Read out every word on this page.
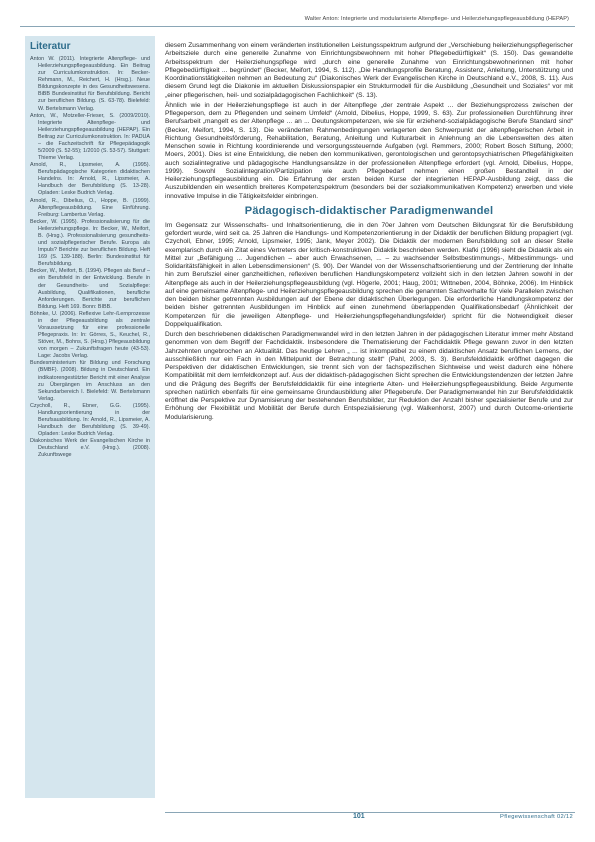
Walter Anton: Integrierte und modularisierte Altenpflege- und Heilerziehungspflegeausbildung (HEPAP)
Literatur

Anton W. (2011). Integrierte Altenpflege- und Heilerziehungspflegeausbildung. Ein Beitrag zur Curriculumkonstruktion. In: Becker-Rehmann, M., Reichert, H. (Hrsg.). Neue Bildungskonzepte in des Gesundheitswesens. BiBB Bundesinstitut für Berufsbildung. Bericht zur beruflichen Bildung. (S. 63-78). Bielefeld: W. Bertelsmann Verlag.

Anton, W., Motzeller-Frieser, S. (2009/2010). Integrierte Altenpflege- und Heilerziehungspflegeausbildung (HEPAP). Ein Beitrag zur Curriculumkonstruktion. In: PADUA – die Fachzeitschrift für Pflegepädagogik 5/2009 (S. 52-55); 1/2010 (S. 53-57). Stuttgart: Thieme Verlag.

Arnold, R., Lipsmeier, A. (1995). Berufspädagogische Kategorien didaktischen Handelns. In: Arnold, R., Lipsmeier, A. Handbuch der Berufsbildung (S. 13-28). Opladen: Leske Budrich Verlag.

Arnold, R., Dibelius, O., Hoppe, B. (1999). Altenpflegeausbildung. Eine Einführung. Freiburg: Lambertus Verlag.

Becker, W. (1995). Professionalisierung für die Heilerziehungspflege. In: Becker, W., Meifort, B. (Hrsg.). Professionalisierung gesundheits- und sozialpflegerischer Berufe. Europa als Impuls? Berichte zur beruflichen Bildung. Heft 169 (S. 139-188). Berlin: Bundesinstitut für Berufsbildung.

Becker, W., Meifort, B. (1994). Pflegen als Beruf – ein Berufsfeld in der Entwicklung. Berufe in der Gesundheits- und Sozialpflege: Ausbildung, Qualifikationen, berufliche Anforderungen. Berichte zur beruflichen Bildung. Heft 169. Bonn: BIBB.

Böhnke, U. (2006). Reflexive Lehr-/Lernprozesse in der Pflegeausbildung als zentrale Voraussetzung für eine professionelle Pflegepraxis. In: In: Görres, S., Keuchel, R., Stöver, M., Bohns, S. (Hrsg.) Pflegeausbildung von morgen – Zukunftsfragen heute (43-53). Lage: Jacobs Verlag.

Bundesministerium für Bildung und Forschung (BMBF). (2008). Bildung in Deutschland. Ein indikatorengestützter Bericht mit einer Analyse zu Übergängen im Anschluss an den Sekundarbereich I. Bielefeld: W. Bertelsmann Verlag.

Czycholl, R., Ebner, G.G. (1995). Handlungsorientierung in der Berufsausbildung. In: Arnold, R., Lipsmeier, A. Handbuch der Berufsbildung (S. 39-49). Opladen: Leske Budrich Verlag.

Diakonisches Werk der Evangelischen Kirche in Deutschland e.V. (Hrsg.). (2008). Zukunftswege

diesem Zusammenhang von einem veränderten institutionellen Leistungsspektrum aufgrund der „Verschiebung heilerziehungspflegerischer Arbeitsziele durch eine generelle Zunahme von Einrichtungsbewohnern mit hoher Pflegebedürftigkeit“ (S. 150). Das gewandelte Arbeitsspektrum der Heilerziehungspflege wird „durch eine generelle Zunahme von Einrichtungsbewohnerinnen mit hoher Pflegebedürftigkeit ... begründet“ (Becker, Meifort, 1994, S. 112). „Die Handlungsprofile Beratung, Assistenz, Anleitung, Unterstützung und Koordinationstätigkeiten nehmen an Bedeutung zu“ (Diakonisches Werk der Evangelischen Kirche in Deutschland e.V., 2008, S. 11). Aus diesem Grund legt die Diakonie im aktuellen Diskussionspapier ein Strukturmodell für die Ausbildung „Gesundheit und Soziales“ vor mit „einer pflegerischen, heil- und sozialpädagogischen Fachlichkeit“ (S. 13).

Ähnlich wie in der Heilerziehungspflege ist auch in der Altenpflege „der zentrale Aspekt ... der Beziehungsprozess zwischen der Pflegeperson, dem zu Pflegenden und seinem Umfeld“ (Arnold, Dibelius, Hoppe, 1999, S. 63). Zur professionellen Durchführung ihrer Berufsarbeit „mangelt es der Altenpflege ... an ... Deutungskompetenzen, wie sie für erziehend-sozialpädagogische Berufe Standard sind“ (Becker, Meifort, 1994, S. 13). Die veränderten Rahmenbedingungen verlagerten den Schwerpunkt der altenpflegerischen Arbeit in Richtung Gesundheitsförderung, Rehabilitation, Beratung, Anleitung und Kulturarbeit in Anlehnung an die Lebenswelten des alten Menschen sowie in Richtung koordinierende und versorgungssteuernde Aufgaben (vgl. Remmers, 2000; Robert Bosch Stiftung, 2000; Moers, 2001). Dies ist eine Entwicklung, die neben den kommunikativen, gerontologischen und gerontopsychiatrischen Pflegefähigkeiten auch sozialintegrative und pädagogische Handlungsansätze in der professionellen Altenpflege erfordert (vgl. Arnold, Dibelius, Hoppe, 1999). Sowohl Sozialintegration/Partizipation wie auch Pflegebedarf nehmen einen großen Bestandteil in der Heilerziehungspflegeausbildung ein. Die Erfahrung der ersten beiden Kurse der integrierten HEPAP-Ausbildung zeigt, dass die Auszubildenden ein wesentlich breiteres Kompetenzspektrum (besonders bei der sozialkommunikativen Kompetenz) erwerben und viele innovative Impulse in die Tätigkeitsfelder einbringen.

Pädagogisch-didaktischer Paradigmenwandel

Im Gegensatz zur Wissenschafts- und Inhaltsorientierung, die in den 70er Jahren vom Deutschen Bildungsrat für die Berufsbildung gefordert wurde, wird seit ca. 25 Jahren die Handlungs- und Kompetenzorientierung in der Didaktik der beruflichen Bildung propagiert (vgl. Czycholl, Ebner, 1995; Arnold, Lipsmeier, 1995; Jank, Meyer 2002). Die Didaktik der modernen Berufsbildung soll an dieser Stelle exemplarisch durch ein Zitat eines Vertreters der kritisch-konstruktiven Didaktik beschrieben werden. Klafki (1996) sieht die Didaktik als ein Mittel zur „Befähigung ... Jugendlichen – aber auch Erwachsenen, ... – zu wachsender Selbstbestimmungs-, Mitbestimmungs- und Solidaritätsfähigkeit in allen Lebensdimensionen“ (S. 90). Der Wandel von der Wissenschaftsorientierung und der Zentrierung der Inhalte hin zum Berufsziel einer ganzheitlichen, reflexiven beruflichen Handlungskompetenz vollzieht sich in den letzten Jahren sowohl in der Altenpflege als auch in der Heilerziehungspflegeausbildung (vgl. Högerle, 2001; Haug, 2001; Wittneben, 2004, Böhnke, 2006). Im Hinblick auf eine gemeinsame Altenpflege- und Heilerziehungspflegeausbildung sprechen die genannten Sachverhalte für viele Parallelen zwischen den beiden bisher getrennten Ausbildungen auf der Ebene der didaktischen Überlegungen. Die erforderliche Handlungskompetenz der beiden bisher getrennten Ausbildungen im Hinblick auf einen zunehmend überlappenden Qualifikationsbedarf (Ähnlichkeit der Kompetenzen für die jeweiligen Altenpflege- und Heilerziehungspflegehandlungsfelder) spricht für die Notwendigkeit dieser Doppelqualifikation.

Durch den beschriebenen didaktischen Paradigmenwandel wird in den letzten Jahren in der pädagogischen Literatur immer mehr Abstand genommen von dem Begriff der Fachdidaktik. Insbesondere die Thematisierung der Fachdidaktik Pflege gewann zuvor in den letzten Jahrzehnten ungebrochen an Aktualität. Das heutige Lehren „ ... ist inkompatibel zu einem didaktischen Ansatz beruflichen Lernens, der ausschließlich nur ein Fach in den Mittelpunkt der Betrachtung stellt“ (Pahl, 2003, S. 3). Berufsfelddidaktik eröffnet dagegen die Perspektiven der didaktischen Entwicklungen, sie trennt sich von der fachspezifischen Sichtweise und weist dadurch eine höhere Kompatibilität mit dem lernfeldkonzept auf. Aus der didaktisch-pädagogischen Sicht sprechen die Entwicklungstendenzen der letzten Jahre und die Prägung des Begriffs der Berufsfelddidaktik für eine integrierte Alten- und Heilerziehungspflegeausbildung. Beide Argumente sprechen natürlich ebenfalls für eine gemeinsame Grundausbildung aller Pflegeberufe. Der Paradigmenwandel hin zur Berufsfelddidaktik eröffnet die Perspektive zur Dynamisierung der bestehenden Berufsbilder, zur Reduktion der Anzahl bisher spezialisierter Berufe und zur Erhöhung der Flexibilität und Mobilität der Berufe durch Entspezialisierung (vgl. Walkenhorst, 2007) und durch Outcome-orientierte Modularisierung.

101	Pflegewissenschaft 02/12
